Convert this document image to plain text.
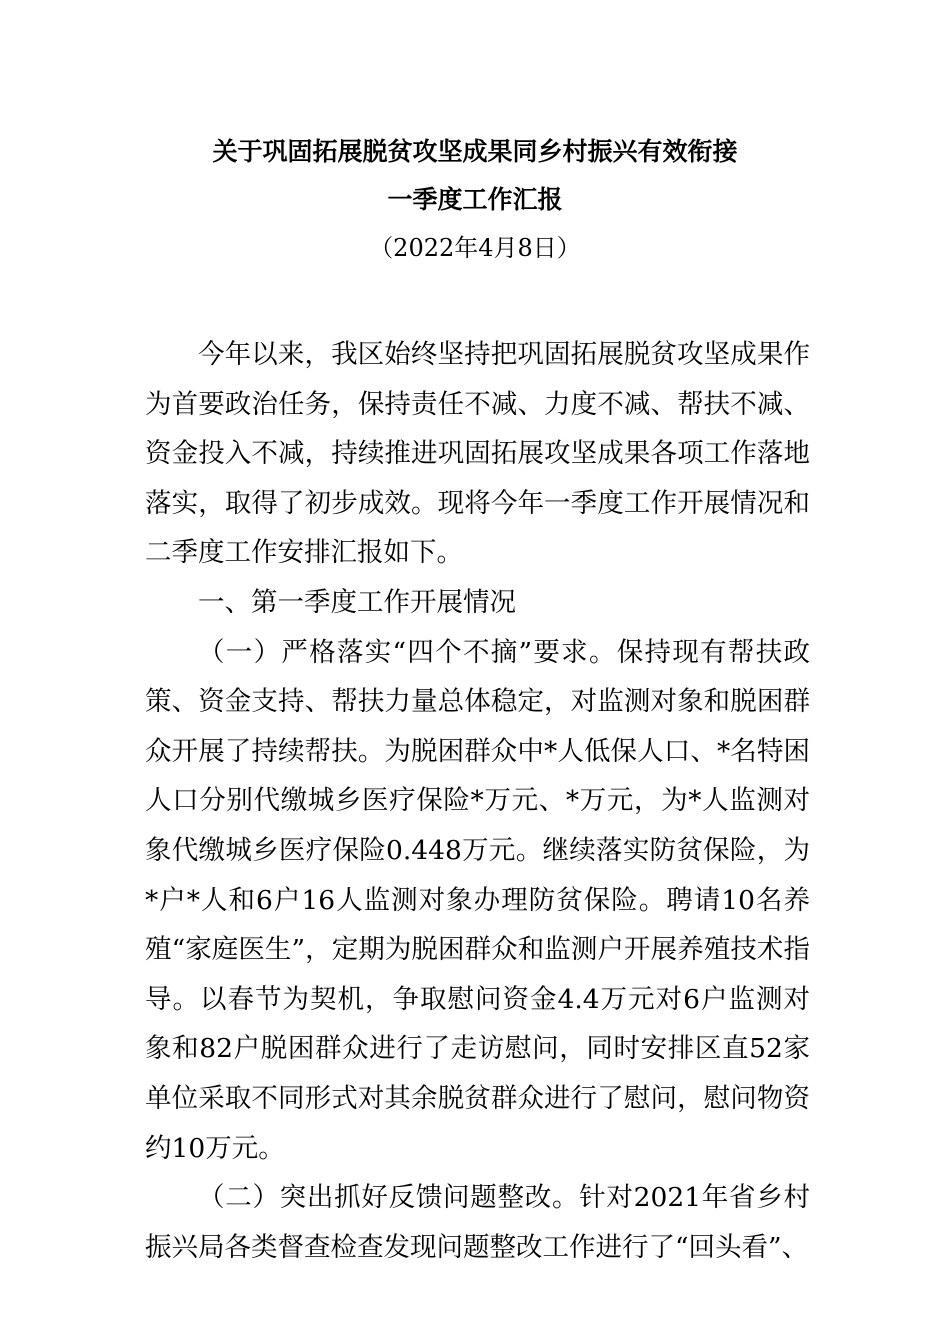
关于巩固拓展脱贫攻坚成果同乡村振兴有效衔接
一季度工作汇报
（2022年4月8日）

今年以来，我区始终坚持把巩固拓展脱贫攻坚成果作为首要政治任务，保持责任不减、力度不减、帮扶不减、资金投入不减，持续推进巩固拓展攻坚成果各项工作落地落实，取得了初步成效。现将今年一季度工作开展情况和二季度工作安排汇报如下。

一、第一季度工作开展情况

（一）严格落实“四个不摘”要求。保持现有帮扶政策、资金支持、帮扶力量总体稳定，对监测对象和脱困群众开展了持续帮扶。为脱困群众中*人低保人口、*名特困人口分别代缴城乡医疗保险*万元、*万元，为*人监测对象代缴城乡医疗保险0.448万元。继续落实防贫保险，为*户*人和6户16人监测对象办理防贫保险。聘请10名养殖“家庭医生”，定期为脱困群众和监测户开展养殖技术指导。以春节为契机，争取慰问资金4.4万元对6户监测对象和82户脱困群众进行了走访慰问，同时安排区直52家单位采取不同形式对其余脱贫群众进行了慰问，慰问物资约10万元。

（二）突出抓好反馈问题整改。针对2021年省乡村振兴局各类督查检查发现问题整改工作进行了“回头看”、
